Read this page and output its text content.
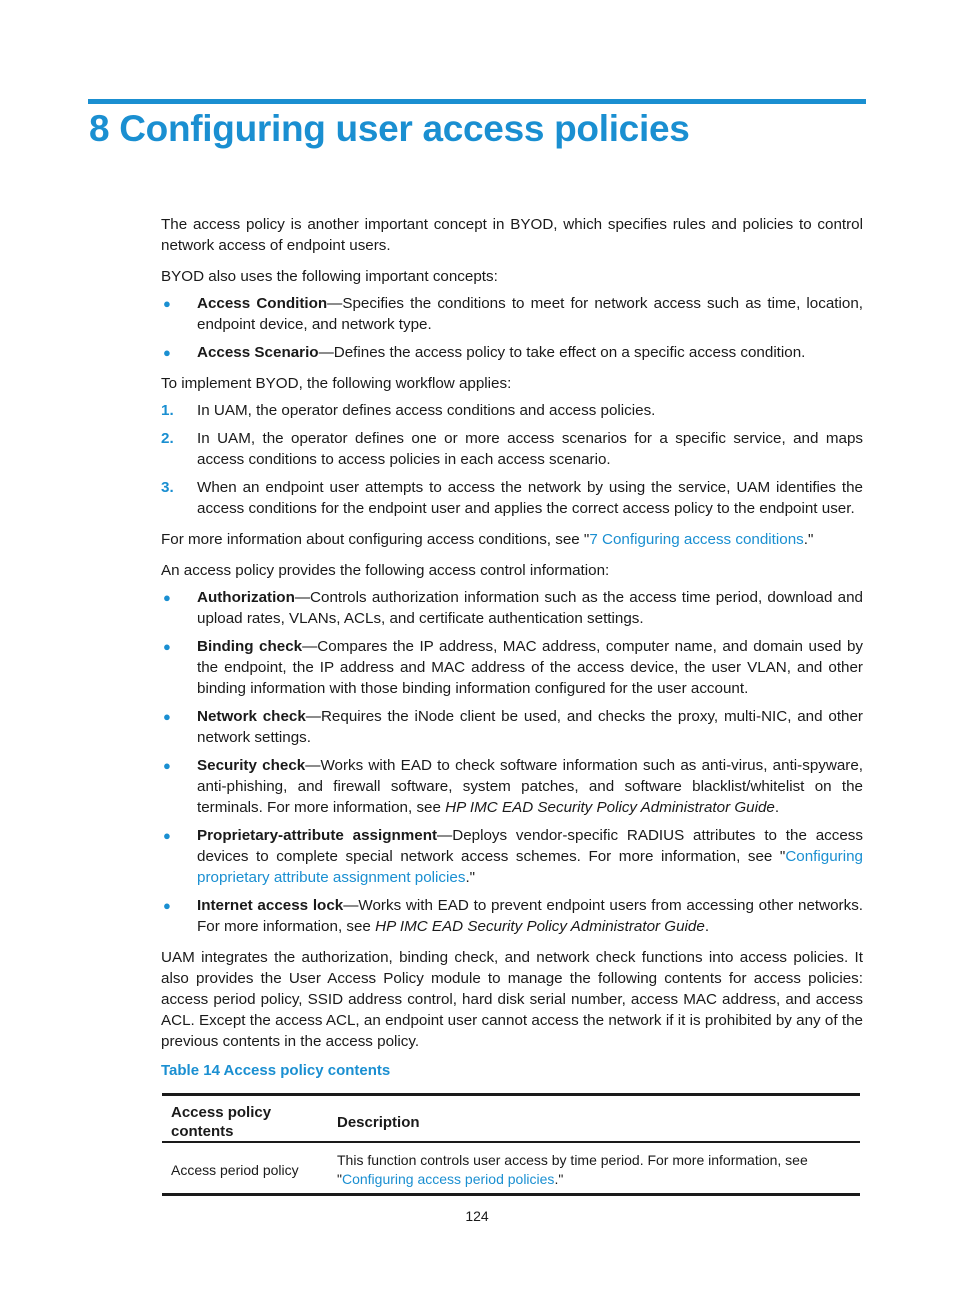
8 Configuring user access policies

The access policy is another important concept in BYOD, which specifies rules and policies to control network access of endpoint users.

BYOD also uses the following important concepts:

● Access Condition—Specifies the conditions to meet for network access such as time, location, endpoint device, and network type.
● Access Scenario—Defines the access policy to take effect on a specific access condition.

To implement BYOD, the following workflow applies:

1. In UAM, the operator defines access conditions and access policies.
2. In UAM, the operator defines one or more access scenarios for a specific service, and maps access conditions to access policies in each access scenario.
3. When an endpoint user attempts to access the network by using the service, UAM identifies the access conditions for the endpoint user and applies the correct access policy to the endpoint user.

For more information about configuring access conditions, see "7 Configuring access conditions."

An access policy provides the following access control information:

● Authorization—Controls authorization information such as the access time period, download and upload rates, VLANs, ACLs, and certificate authentication settings.
● Binding check—Compares the IP address, MAC address, computer name, and domain used by the endpoint, the IP address and MAC address of the access device, the user VLAN, and other binding information with those binding information configured for the user account.
● Network check—Requires the iNode client be used, and checks the proxy, multi-NIC, and other network settings.
● Security check—Works with EAD to check software information such as anti-virus, anti-spyware, anti-phishing, and firewall software, system patches, and software blacklist/whitelist on the terminals. For more information, see HP IMC EAD Security Policy Administrator Guide.
● Proprietary-attribute assignment—Deploys vendor-specific RADIUS attributes to the access devices to complete special network access schemes. For more information, see "Configuring proprietary attribute assignment policies."
● Internet access lock—Works with EAD to prevent endpoint users from accessing other networks. For more information, see HP IMC EAD Security Policy Administrator Guide.

UAM integrates the authorization, binding check, and network check functions into access policies. It also provides the User Access Policy module to manage the following contents for access policies: access period policy, SSID address control, hard disk serial number, access MAC address, and access ACL. Except the access ACL, an endpoint user cannot access the network if it is prohibited by any of the previous contents in the access policy.

Table 14 Access policy contents
Access policy contents	Description
Access period policy	This function controls user access by time period. For more information, see "Configuring access period policies."
124
